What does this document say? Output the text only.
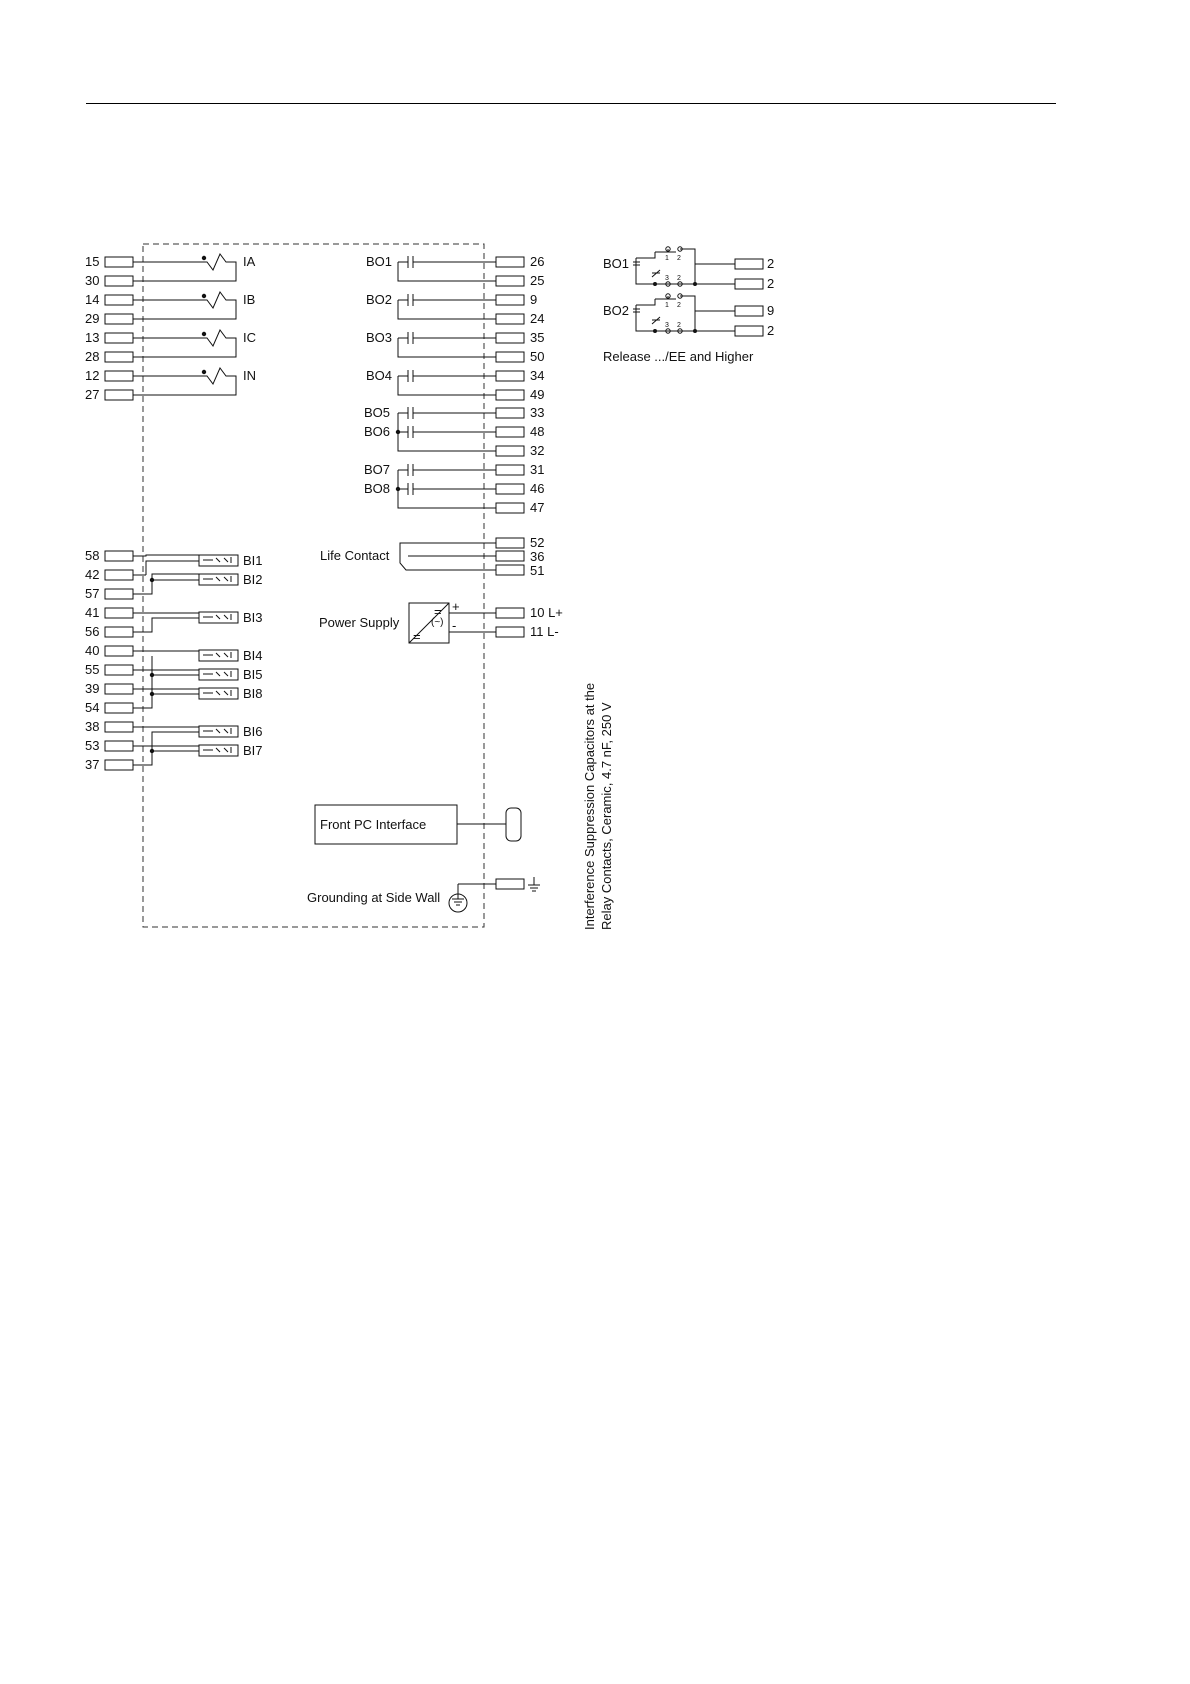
15
30
IA
14
29
IB
13
28
IC
12
27
IN
BO1	26
25
BO2	9
24
BO3	35
50
BO4	34
49
BO5
BO6
33
48
32
BO7
BO8
31
46
47
Life Contact
52
36
51
Power Supply
=
(~)
=
+
-
10 L+
11 L-
58
42
57
41
56
40
55
39
54
38
53
37
BI1
BI2
BI3
BI4
BI5
BI8
BI6
BI7
Front PC Interface
Grounding at Side Wall
BO1	1 2
3 2
2
2
BO2	1 2
3 2
9
2
Release .../EE and Higher
Interference Suppression Capacitors at the Relay Contacts, Ceramic, 4.7 nF, 250 V
